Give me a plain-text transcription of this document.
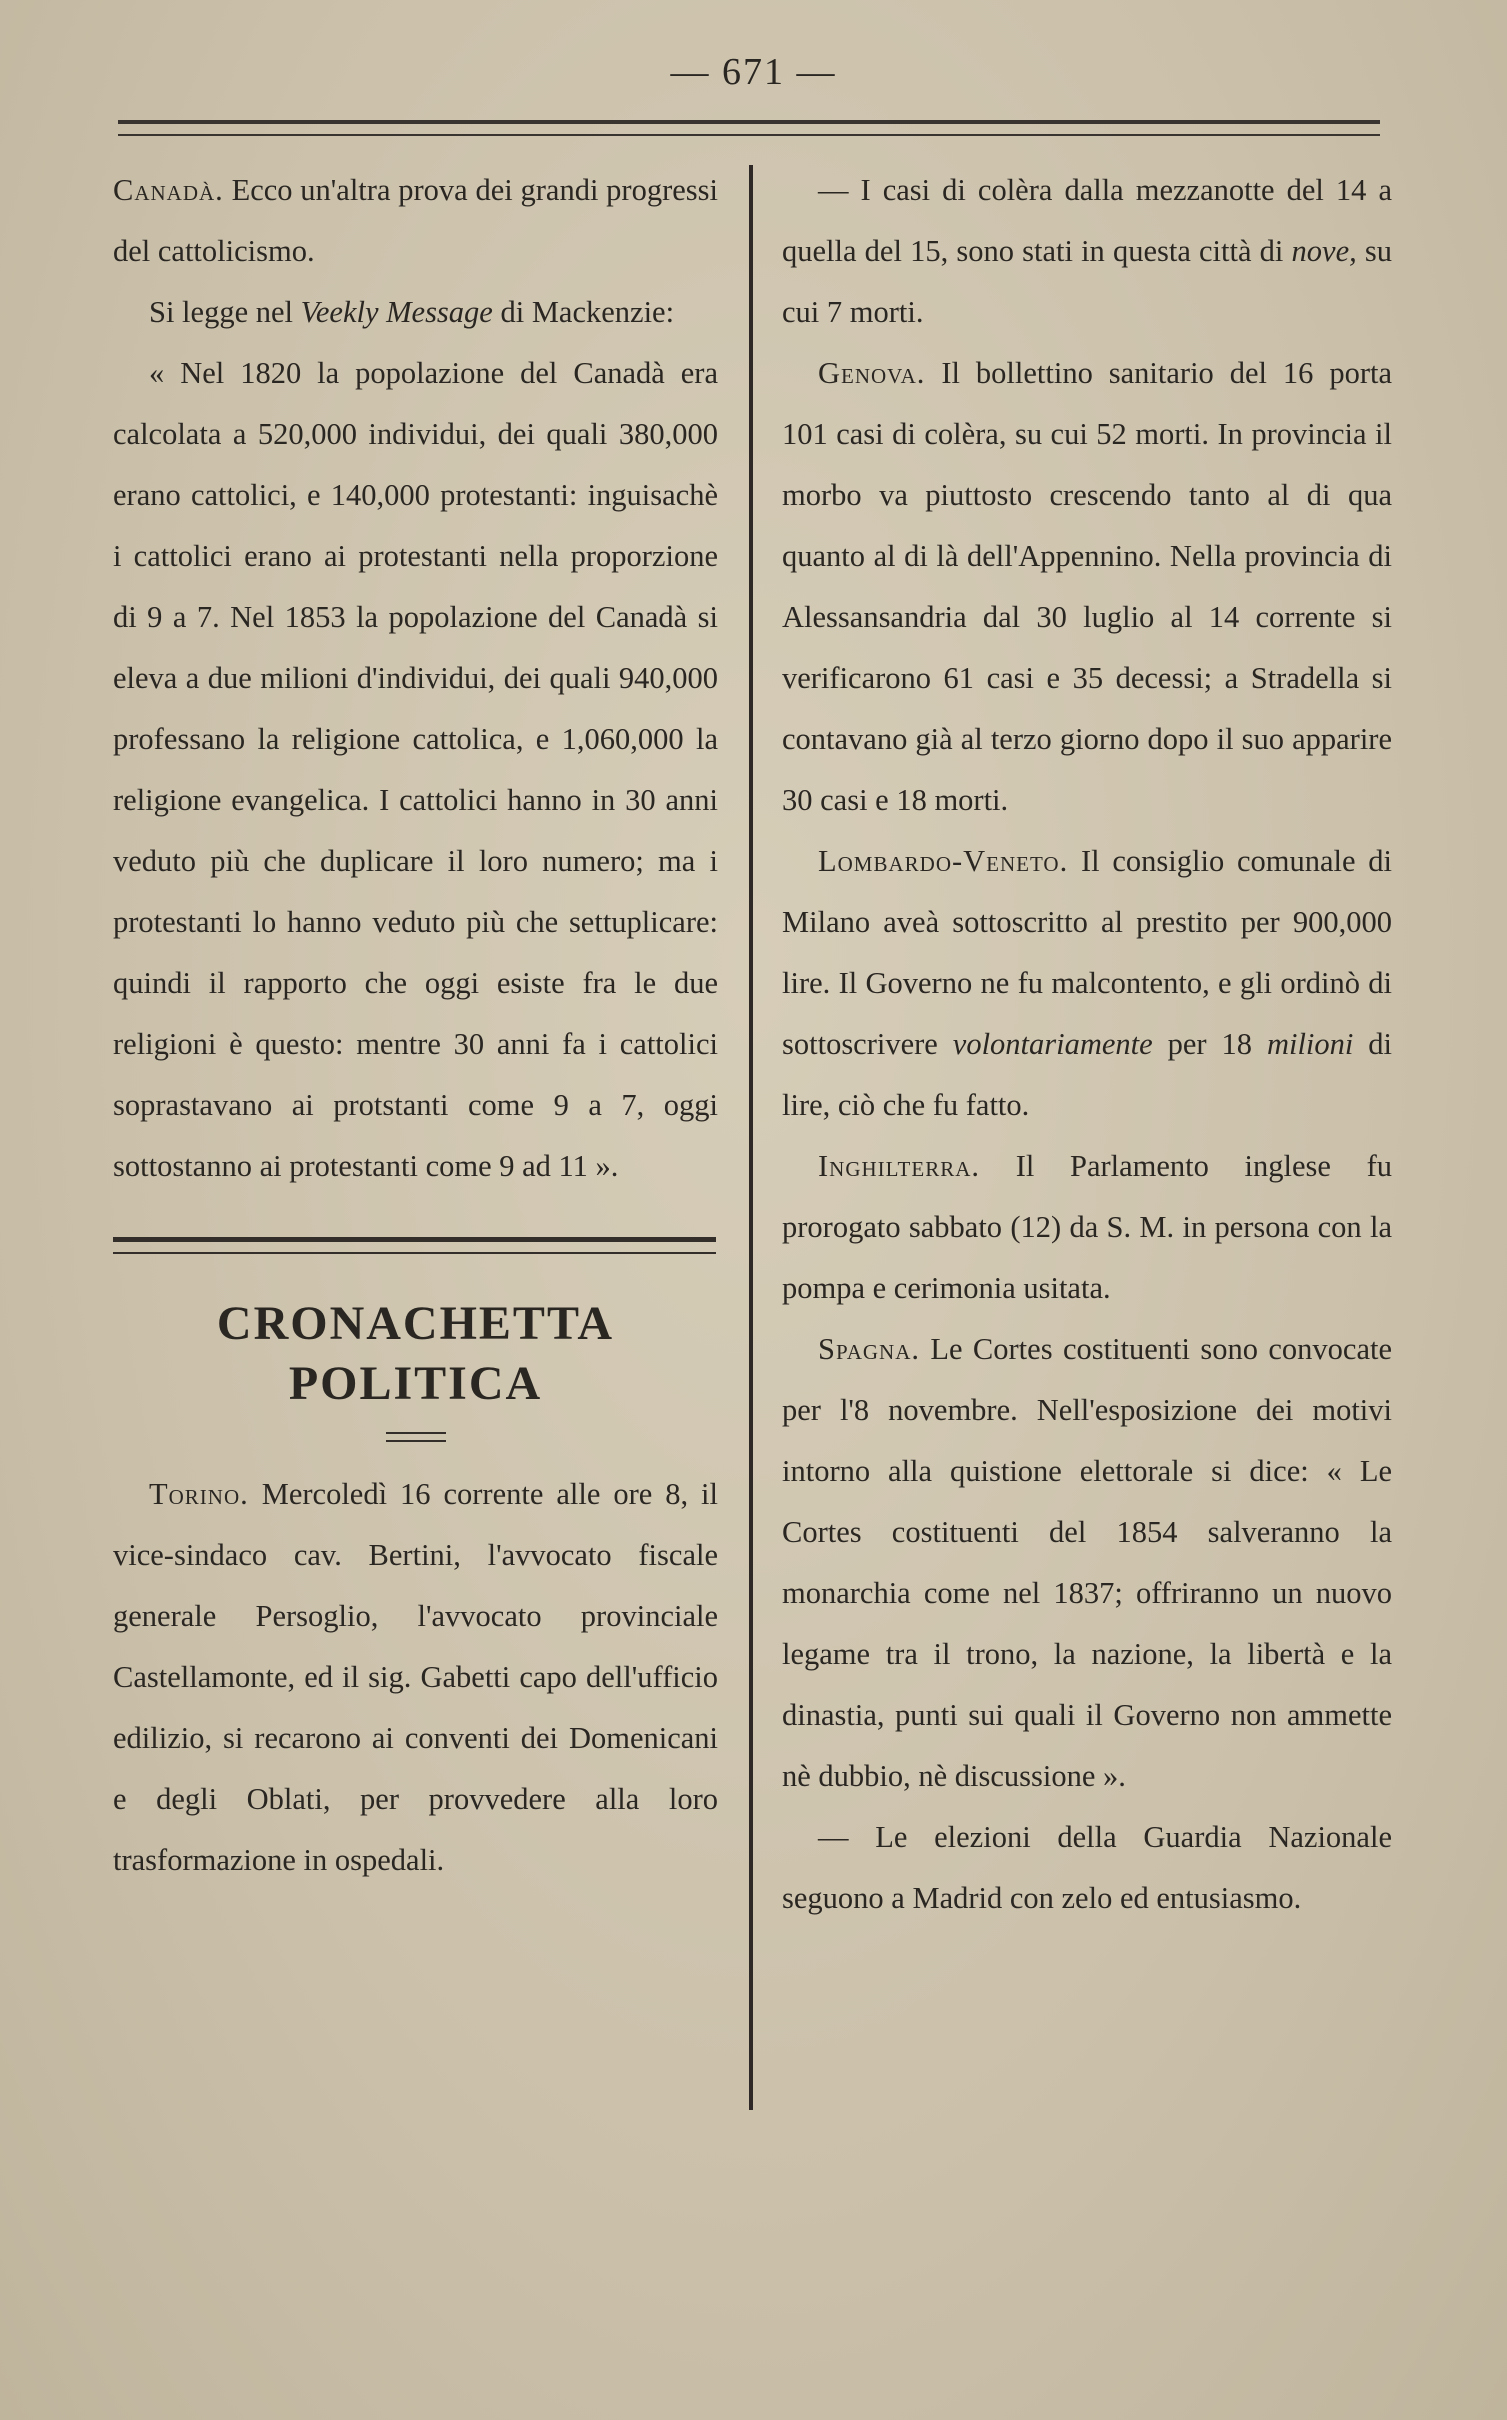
— 671 —

Canadà. Ecco un'altra prova dei grandi progressi del cattolicismo.

Si legge nel Veekly Message di Mackenzie:

« Nel 1820 la popolazione del Canadà era calcolata a 520,000 individui, dei quali 380,000 erano cattolici, e 140,000 protestanti: inguisachè i cattolici erano ai protestanti nella proporzione di 9 a 7. Nel 1853 la popolazione del Canadà si eleva a due milioni d'individui, dei quali 940,000 professano la religione cattolica, e 1,060,000 la religione evangelica. I cattolici hanno in 30 anni veduto più che duplicare il loro numero; ma i protestanti lo hanno veduto più che settuplicare: quindi il rapporto che oggi esiste fra le due religioni è questo: mentre 30 anni fa i cattolici soprastavano ai protstanti come 9 a 7, oggi sottostanno ai protestanti come 9 ad 11 ».

CRONACHETTA POLITICA

Torino. Mercoledì 16 corrente alle ore 8, il vice-sindaco cav. Bertini, l'avvocato fiscale generale Persoglio, l'avvocato provinciale Castellamonte, ed il sig. Gabetti capo dell'ufficio edilizio, si recarono ai conventi dei Domenicani e degli Oblati, per provvedere alla loro trasformazione in ospedali.

— I casi di colèra dalla mezzanotte del 14 a quella del 15, sono stati in questa città di nove, su cui 7 morti.

Genova. Il bollettino sanitario del 16 porta 101 casi di colèra, su cui 52 morti. In provincia il morbo va piuttosto crescendo tanto al di qua quanto al di là dell'Appennino. Nella provincia di Alessansandria dal 30 luglio al 14 corrente si verificarono 61 casi e 35 decessi; a Stradella si contavano già al terzo giorno dopo il suo apparire 30 casi e 18 morti.

Lombardo-Veneto. Il consiglio comunale di Milano aveà sottoscritto al prestito per 900,000 lire. Il Governo ne fu malcontento, e gli ordinò di sottoscrivere volontariamente per 18 milioni di lire, ciò che fu fatto.

Inghilterra. Il Parlamento inglese fu prorogato sabbato (12) da S. M. in persona con la pompa e cerimonia usitata.

Spagna. Le Cortes costituenti sono convocate per l'8 novembre. Nell'esposizione dei motivi intorno alla quistione elettorale si dice: « Le Cortes costituenti del 1854 salveranno la monarchia come nel 1837; offriranno un nuovo legame tra il trono, la nazione, la libertà e la dinastia, punti sui quali il Governo non ammette nè dubbio, nè discussione ».

— Le elezioni della Guardia Nazionale seguono a Madrid con zelo ed entusiasmo.
